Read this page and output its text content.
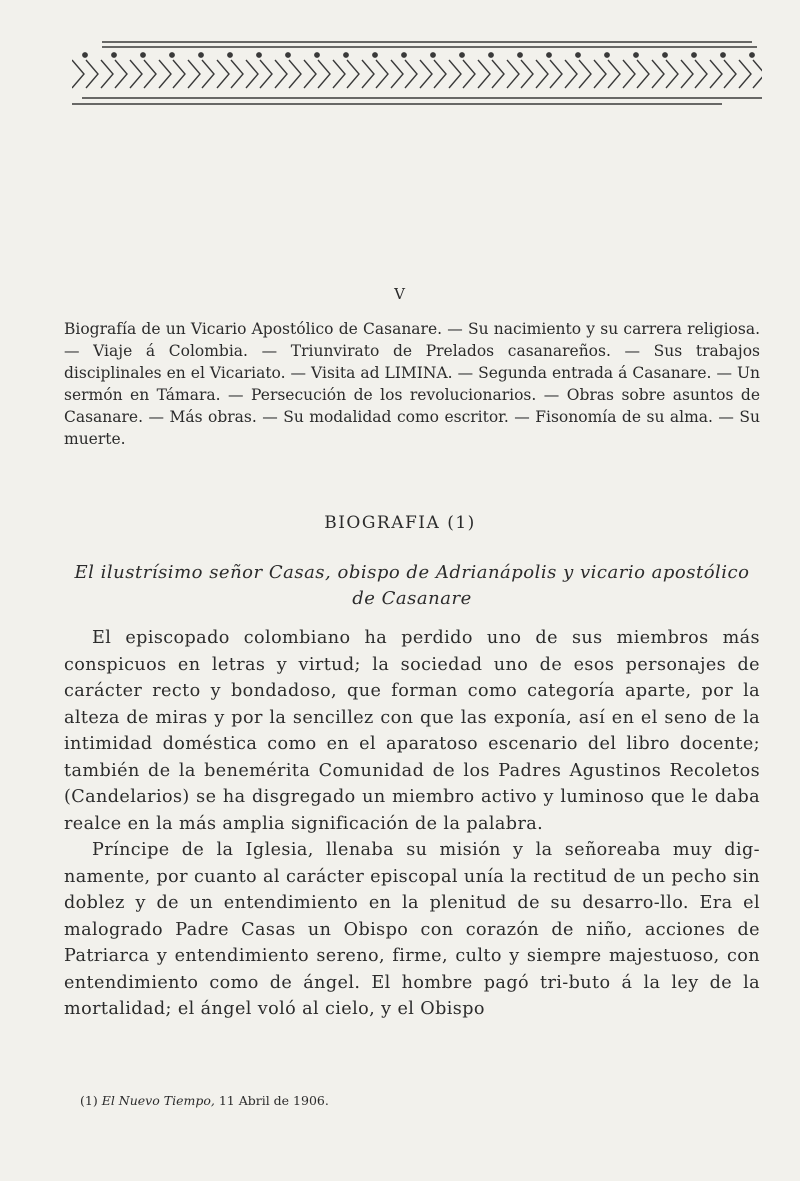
V
Biografía de un Vicario Apostólico de Casanare. — Su nacimiento y su carrera religiosa. — Viaje á Colombia. — Triunvirato de Prelados casanareños. — Sus trabajos disciplinales en el Vicariato. — Visita ad LIMINA. — Segunda entrada á Casanare. — Un sermón en Támara. — Persecución de los revolucionarios. — Obras sobre asuntos de Casanare. — Más obras. — Su modalidad como escritor. — Fisonomía de su alma. — Su muerte.
BIOGRAFIA (1)
El ilustrísimo señor Casas, obispo de Adrianápolis y vicario apostólico
de Casanare

El episcopado colombiano ha perdido uno de sus miembros más conspicuos en letras y virtud; la sociedad uno de esos personajes de carácter recto y bondadoso, que forman como categoría aparte, por la alteza de miras y por la sencillez con que las exponía, así en el seno de la intimidad doméstica como en el aparatoso escenario del libro docente; también de la benemérita Comunidad de los Padres Agustinos Recoletos (Candelarios) se ha disgregado un miembro activo y luminoso que le daba realce en la más amplia significación de la palabra.

Príncipe de la Iglesia, llenaba su misión y la señoreaba muy dig-namente, por cuanto al carácter episcopal unía la rectitud de un pecho sin doblez y de un entendimiento en la plenitud de su desarro-llo. Era el malogrado Padre Casas un Obispo con corazón de niño, acciones de Patriarca y entendimiento sereno, firme, culto y siempre majestuoso, con entendimiento como de ángel. El hombre pagó tri-buto á la ley de la mortalidad; el ángel voló al cielo, y el Obispo

(1) El Nuevo Tiempo, 11 Abril de 1906.
